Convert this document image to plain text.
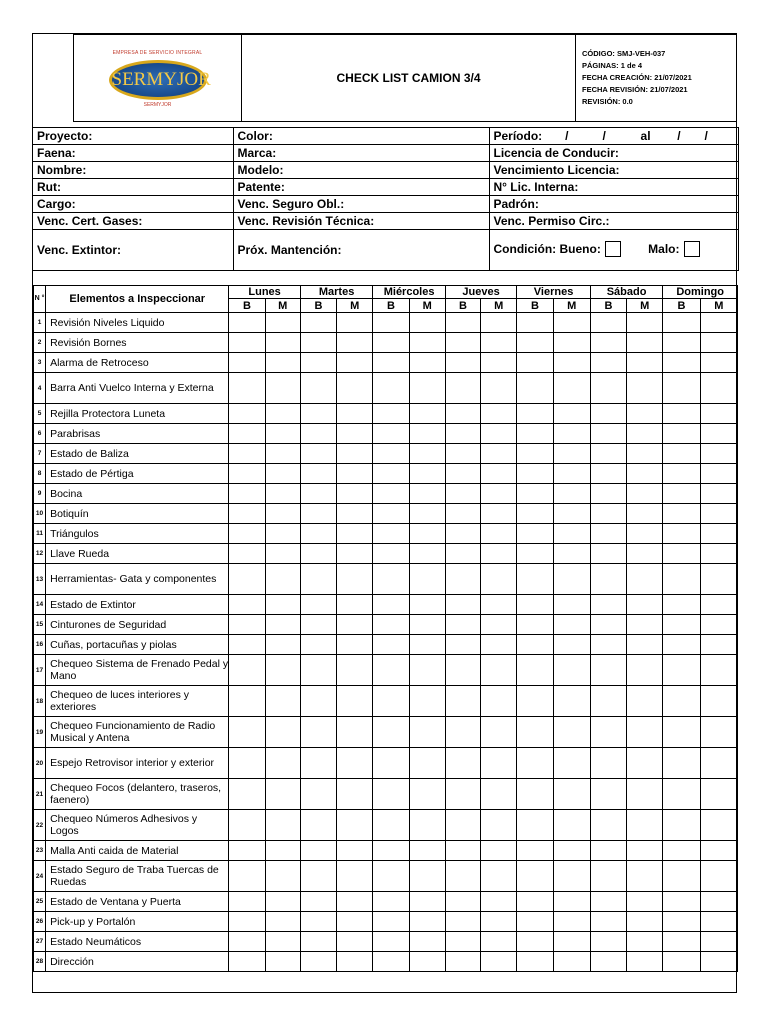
EMPRESA DE SERVICIO INTEGRAL
SERMYJOR
SERMYJOR
	CHECK LIST CAMION 3/4	
CÓDIGO: SMJ-VEH-037
PÁGINAS: 1 de 4
FECHA CREACIÓN: 21/07/2021
FECHA REVISIÓN: 21/07/2021
REVISIÓN: 0.0
Proyecto:	Color:	Período: / / al / /
Faena:	Marca:	Licencia de Conducir:
Nombre:	Modelo:	Vencimiento Licencia:
Rut:	Patente:	N° Lic. Interna:
Cargo:	Venc. Seguro Obl.:	Padrón:
Venc. Cert. Gases:	Venc. Revisión Técnica:	Venc. Permiso Circ.:
Venc. Extintor:	Próx. Mantención:	Condición: Bueno: Malo:
N °	Elementos a Inspeccionar	Lunes		Martes		Miércoles		Jueves		Viernes		Sábado		Domingo	
		B	M	B	M	B	M	B	M	B	M	B	M	B	M
1	Revisión Niveles Liquido														
2	Revisión Bornes														
3	Alarma de Retroceso														
4	Barra Anti Vuelco Interna y Externa														
5	Rejilla Protectora Luneta														
6	Parabrisas														
7	Estado de Baliza														
8	Estado de Pértiga														
9	Bocina														
10	Botiquín														
11	Triángulos														
12	Llave Rueda														
13	Herramientas- Gata y componentes														
14	Estado de Extintor														
15	Cinturones de Seguridad														
16	Cuñas, portacuñas y piolas														
17	Chequeo Sistema de Frenado Pedal y Mano														
18	Chequeo de luces interiores y exteriores														
19	Chequeo Funcionamiento de Radio Musical y Antena														
20	Espejo Retrovisor interior y exterior														
21	Chequeo Focos (delantero, traseros, faenero)														
22	Chequeo Números Adhesivos y Logos														
23	Malla Anti caida de Material														
24	Estado Seguro de Traba Tuercas de Ruedas														
25	Estado de Ventana y Puerta														
26	Pick-up y Portalón														
27	Estado Neumáticos														
28	Dirección														
